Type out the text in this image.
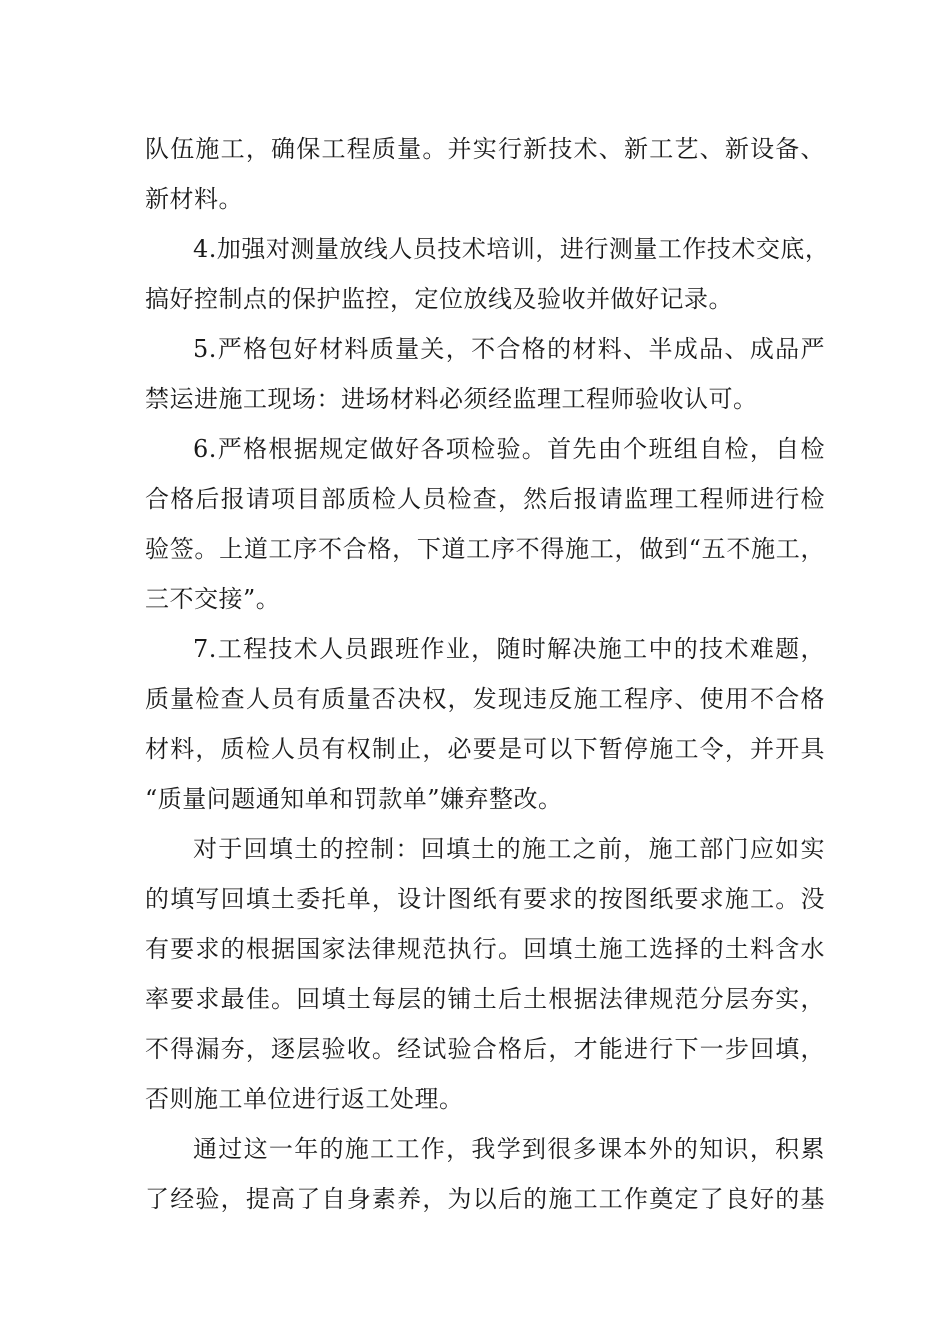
队伍施工，确保工程质量。并实行新技术、新工艺、新设备、
新材料。
4.加强对测量放线人员技术培训，进行测量工作技术交底，
搞好控制点的保护监控，定位放线及验收并做好记录。
5.严格包好材料质量关，不合格的材料、半成品、成品严
禁运进施工现场：进场材料必须经监理工程师验收认可。
6.严格根据规定做好各项检验。首先由个班组自检，自检
合格后报请项目部质检人员检查，然后报请监理工程师进行检
验签。上道工序不合格，下道工序不得施工，做到“五不施工，
三不交接”。
7.工程技术人员跟班作业，随时解决施工中的技术难题，
质量检查人员有质量否决权，发现违反施工程序、使用不合格
材料，质检人员有权制止，必要是可以下暂停施工令，并开具
“质量问题通知单和罚款单”嫌弃整改。
对于回填土的控制：回填土的施工之前，施工部门应如实
的填写回填土委托单，设计图纸有要求的按图纸要求施工。没
有要求的根据国家法律规范执行。回填土施工选择的土料含水
率要求最佳。回填土每层的铺土后土根据法律规范分层夯实，
不得漏夯，逐层验收。经试验合格后，才能进行下一步回填，
否则施工单位进行返工处理。
通过这一年的施工工作，我学到很多课本外的知识，积累
了经验，提高了自身素养，为以后的施工工作奠定了良好的基
